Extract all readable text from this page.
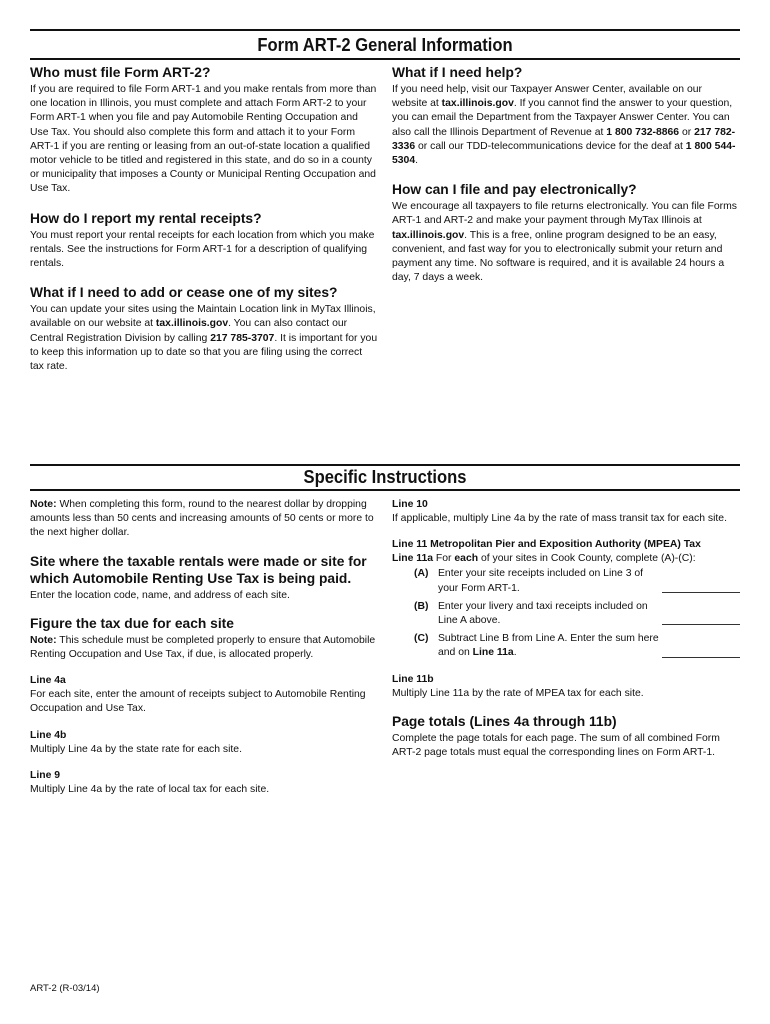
Form ART-2 General Information
Who must file Form ART-2?

If you are required to file Form ART-1 and you make rentals from more than one location in Illinois, you must complete and attach Form ART-2 to your Form ART-1 when you file and pay Automobile Renting Occupation and Use Tax. You should also complete this form and attach it to your Form ART-1 if you are renting or leasing from an out-of-state location a qualified motor vehicle to be titled and registered in this state, and do so in a county or municipality that imposes a County or Municipal Renting Occupation and Use Tax.

How do I report my rental receipts?

You must report your rental receipts for each location from which you make rentals. See the instructions for Form ART-1 for a description of qualifying rentals.

What if I need to add or cease one of my sites?

You can update your sites using the Maintain Location link in MyTax Illinois, available on our website at tax.illinois.gov. You can also contact our Central Registration Division by calling 217 785-3707. It is important for you to keep this information up to date so that you are filing using the correct tax rate.

What if I need help?

If you need help, visit our Taxpayer Answer Center, available on our website at tax.illinois.gov. If you cannot find the answer to your question, you can email the Department from the Taxpayer Answer Center. You can also call the Illinois Department of Revenue at 1 800 732-8866 or 217 782-3336 or call our TDD-telecommunications device for the deaf at 1 800 544-5304.

How can I file and pay electronically?

We encourage all taxpayers to file returns electronically. You can file Forms ART-1 and ART-2 and make your payment through MyTax Illinois at tax.illinois.gov. This is a free, online program designed to be an easy, convenient, and fast way for you to electronically submit your return and payment any time. No software is required, and it is available 24 hours a day, 7 days a week.

Specific Instructions

Note: When completing this form, round to the nearest dollar by dropping amounts less than 50 cents and increasing amounts of 50 cents or more to the next higher dollar.

Site where the taxable rentals were made or site for which Automobile Renting Use Tax is being paid.

Enter the location code, name, and address of each site.

Figure the tax due for each site

Note: This schedule must be completed properly to ensure that Automobile Renting Occupation and Use Tax, if due, is allocated properly.

Line 4a

For each site, enter the amount of receipts subject to Automobile Renting Occupation and Use Tax.

Line 4b

Multiply Line 4a by the state rate for each site.

Line 9

Multiply Line 4a by the rate of local tax for each site.

Line 10

If applicable, multiply Line 4a by the rate of mass transit tax for each site.

Line 11 Metropolitan Pier and Exposition Authority (MPEA) Tax

Line 11a For each of your sites in Cook County, complete (A)-(C):

(A) Enter your site receipts included on Line 3 of your Form ART-1.
(B) Enter your livery and taxi receipts included on Line A above.
(C) Subtract Line B from Line A. Enter the sum here and on Line 11a.

Line 11b

Multiply Line 11a by the rate of MPEA tax for each site.

Page totals (Lines 4a through 11b)

Complete the page totals for each page. The sum of all combined Form ART-2 page totals must equal the corresponding lines on Form ART-1.

ART-2 (R-03/14)
